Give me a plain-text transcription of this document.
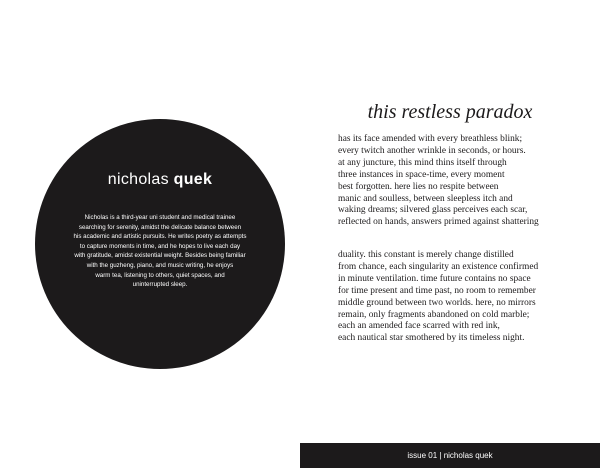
nicholas quek
Nicholas is a third-year uni student and medical trainee
searching for serenity, amidst the delicate balance between
his academic and artistic pursuits. He writes poetry as attempts
to capture moments in time, and he hopes to live each day
with gratitude, amidst existential weight. Besides being familiar
with the guzheng, piano, and music writing, he enjoys
warm tea, listening to others, quiet spaces, and
uninterrupted sleep.
this restless paradox
has its face amended with every breathless blink;
every twitch another wrinkle in seconds, or hours.
at any juncture, this mind thins itself through
three instances in space-time, every moment
best forgotten. here lies no respite between
manic and soulless, between sleepless itch and
waking dreams; silvered glass perceives each scar,
reflected on hands, answers primed against shattering
duality. this constant is merely change distilled
from chance, each singularity an existence confirmed
in minute ventilation. time future contains no space
for time present and time past, no room to remember
middle ground between two worlds. here, no mirrors
remain, only fragments abandoned on cold marble;
each an amended face scarred with red ink,
each nautical star smothered by its timeless night.
issue 01 | nicholas quek
